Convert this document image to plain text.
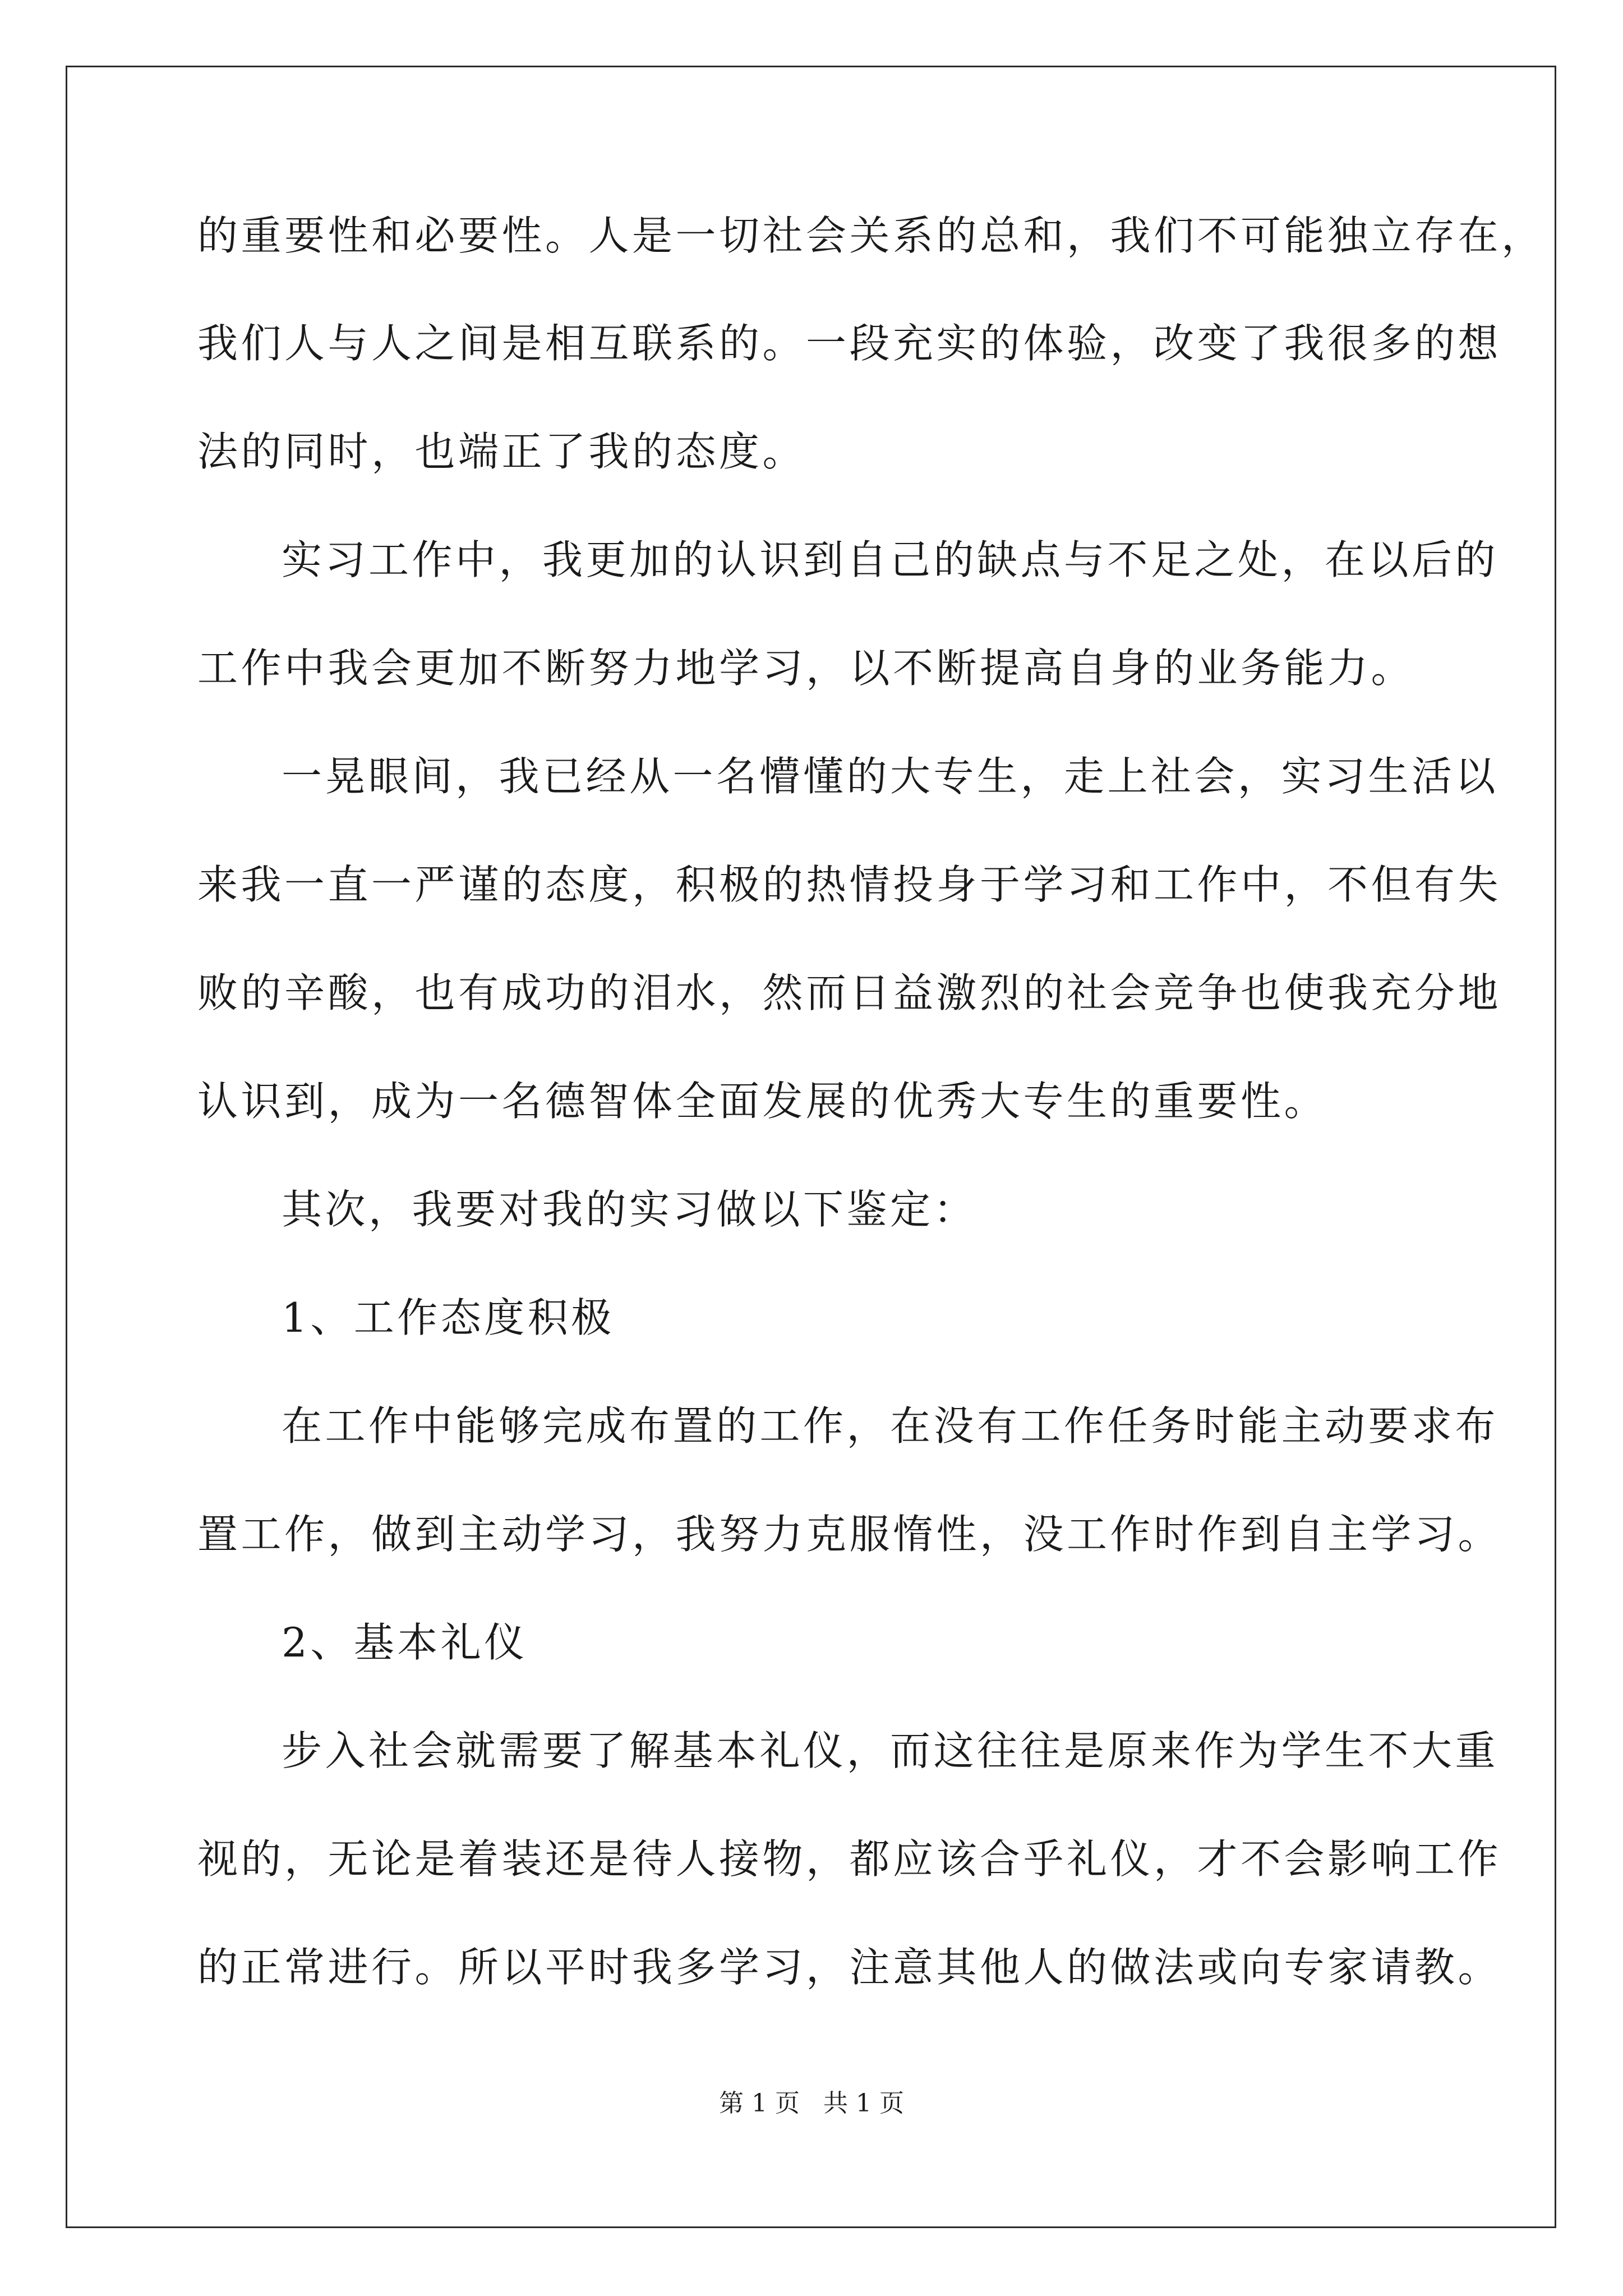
的重要性和必要性。人是一切社会关系的总和，我们不可能独立存在，
我们人与人之间是相互联系的。一段充实的体验，改变了我很多的想
法的同时，也端正了我的态度。
实习工作中，我更加的认识到自己的缺点与不足之处，在以后的
工作中我会更加不断努力地学习，以不断提高自身的业务能力。
一晃眼间，我已经从一名懵懂的大专生，走上社会，实习生活以
来我一直一严谨的态度，积极的热情投身于学习和工作中，不但有失
败的辛酸，也有成功的泪水，然而日益激烈的社会竞争也使我充分地
认识到，成为一名德智体全面发展的优秀大专生的重要性。
其次，我要对我的实习做以下鉴定：
1、工作态度积极
在工作中能够完成布置的工作，在没有工作任务时能主动要求布
置工作，做到主动学习，我努力克服惰性，没工作时作到自主学习。
2、基本礼仪
步入社会就需要了解基本礼仪，而这往往是原来作为学生不大重
视的，无论是着装还是待人接物，都应该合乎礼仪，才不会影响工作
的正常进行。所以平时我多学习，注意其他人的做法或向专家请教。
第 1 页 共 1 页
